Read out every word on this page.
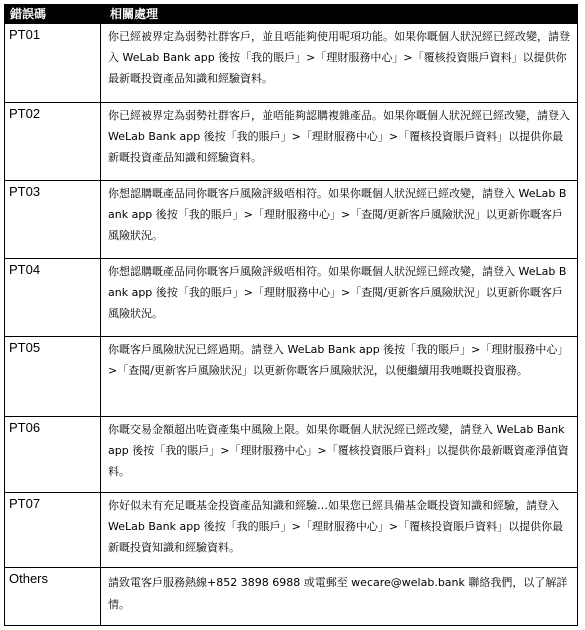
錯誤碼	相關處理
PT01	你已經被界定為弱勢社群客戶，並且唔能夠使用呢項功能。如果你嘅個人狀況經已經改變，請登入 WeLab Bank app 後按「我的賬戶」>「理財服務中心」>「覆核投資賬戶資料」以提供你最新嘅投資產品知識和經驗資料。
PT02	你已經被界定為弱勢社群客戶，並唔能夠認購複雜產品。如果你嘅個人狀況經已經改變，請登入 WeLab Bank app 後按「我的賬戶」>「理財服務中心」>「覆核投資賬戶資料」以提供你最新嘅投資產品知識和經驗資料。
PT03	你想認購嘅產品同你嘅客戶風險評級唔相符。如果你嘅個人狀況經已經改變，請登入 WeLab Bank app 後按「我的賬戶」>「理財服務中心」>「查閱/更新客戶風險狀況」以更新你嘅客戶風險狀況。
PT04	你想認購嘅產品同你嘅客戶風險評級唔相符。如果你嘅個人狀況經已經改變，請登入 WeLab Bank app 後按「我的賬戶」>「理財服務中心」>「查閱/更新客戶風險狀況」以更新你嘅客戶風險狀況。
PT05	你嘅客戶風險狀況已經過期。請登入 WeLab Bank app 後按「我的賬戶」>「理財服務中心」>「查閱/更新客戶風險狀況」以更新你嘅客戶風險狀況，以便繼續用我哋嘅投資服務。
PT06	你嘅交易金額超出咗資產集中風險上限。如果你嘅個人狀況經已經改變，請登入 WeLab Bank app 後按「我的賬戶」>「理財服務中心」>「覆核投資賬戶資料」以提供你最新嘅資產淨值資料。
PT07	你好似未有充足嘅基金投資產品知識和經驗…如果您已經具備基金嘅投資知識和經驗，請登入 WeLab Bank app 後按「我的賬戶」>「理財服務中心」>「覆核投資賬戶資料」以提供你最新嘅投資知識和經驗資料。
Others	請致電客戶服務熱線+852 3898 6988 或電郵至 wecare@welab.bank 聯絡我們，以了解詳情。
